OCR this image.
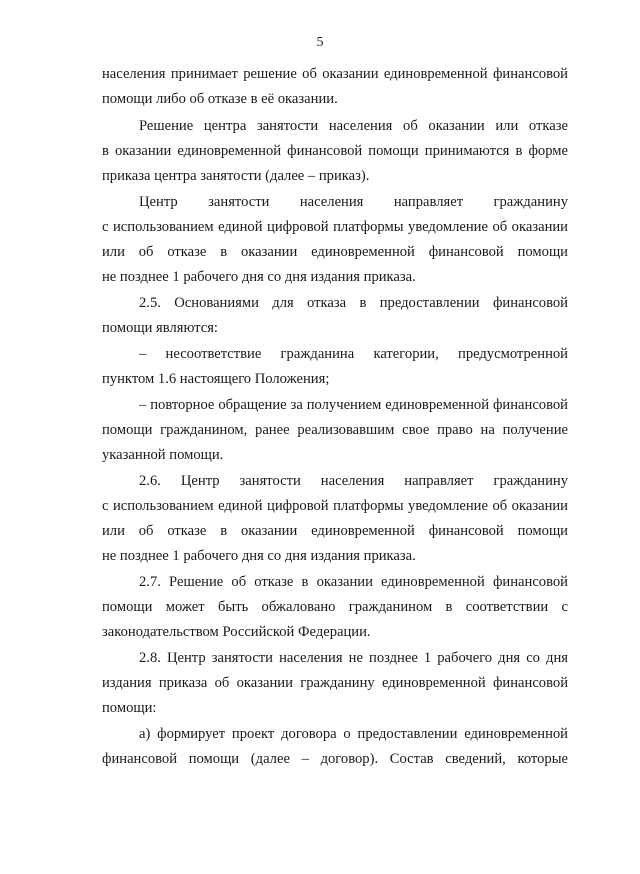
5
населения принимает решение об оказании единовременной финансовой
помощи либо об отказе в её оказании.
Решение центра занятости населения об оказании или отказе
в оказании единовременной финансовой помощи принимаются в форме
приказа центра занятости (далее – приказ).
Центр занятости населения направляет гражданину
с использованием единой цифровой платформы уведомление об оказании
или об отказе в оказании единовременной финансовой помощи
не позднее 1 рабочего дня со дня издания приказа.
2.5. Основаниями для отказа в предоставлении финансовой
помощи являются:
– несоответствие гражданина категории, предусмотренной
пунктом 1.6 настоящего Положения;
– повторное обращение за получением единовременной финансовой
помощи гражданином, ранее реализовавшим свое право на получение
указанной помощи.
2.6. Центр занятости населения направляет гражданину
с использованием единой цифровой платформы уведомление об оказании
или об отказе в оказании единовременной финансовой помощи
не позднее 1 рабочего дня со дня издания приказа.
2.7. Решение об отказе в оказании единовременной финансовой
помощи может быть обжаловано гражданином в соответствии с
законодательством Российской Федерации.
2.8. Центр занятости населения не позднее 1 рабочего дня со дня
издания приказа об оказании гражданину единовременной финансовой
помощи:
а) формирует проект договора о предоставлении единовременной
финансовой помощи (далее – договор). Состав сведений, которые
